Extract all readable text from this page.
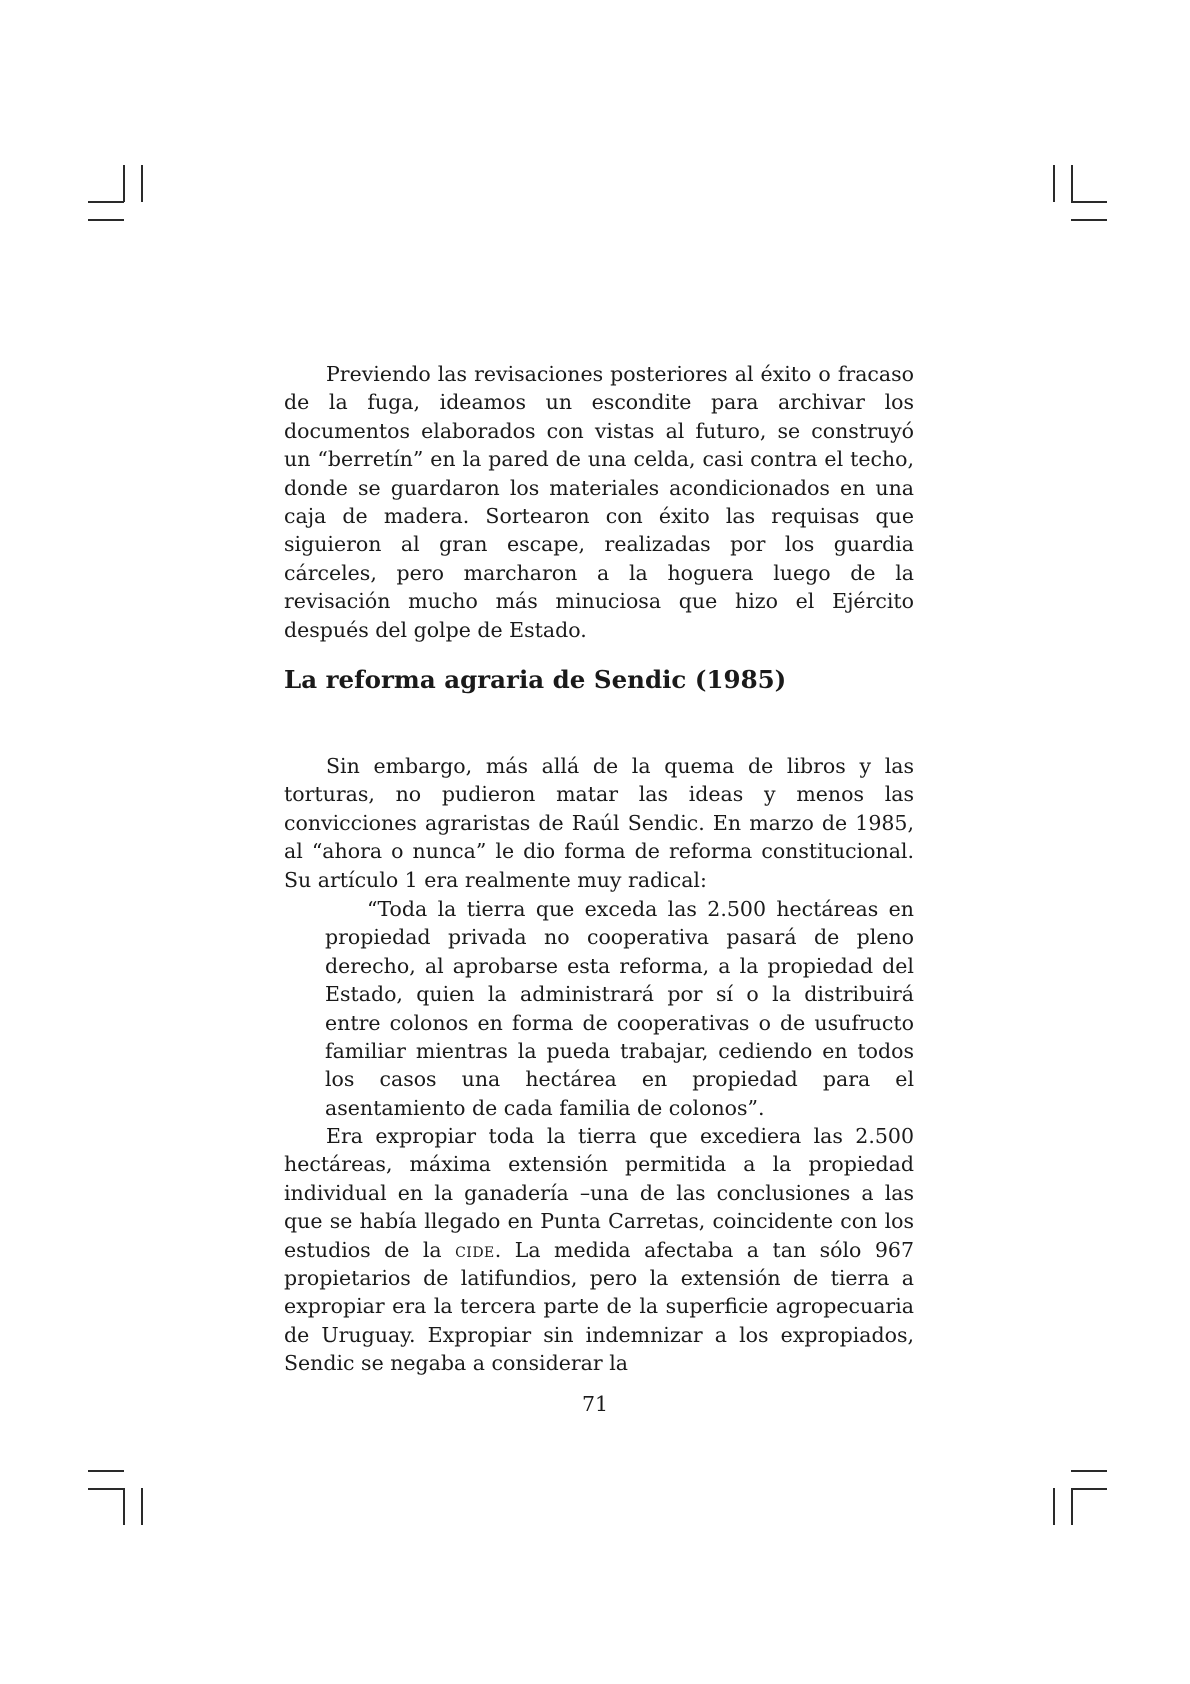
Previendo las revisaciones posteriores al éxito o fracaso de la fuga, ideamos un escondite para archivar los documentos elaborados con vistas al futuro, se construyó un “berretín” en la pared de una celda, casi contra el techo, donde se guardaron los materiales acondicionados en una caja de madera. Sortearon con éxito las requisas que siguieron al gran escape, realizadas por los guardia cárceles, pero marcharon a la hoguera luego de la revisación mucho más minuciosa que hizo el Ejército después del golpe de Estado.

La reforma agraria de Sendic (1985)

Sin embargo, más allá de la quema de libros y las torturas, no pudieron matar las ideas y menos las convicciones agraristas de Raúl Sendic. En marzo de 1985, al “ahora o nunca” le dio forma de reforma constitucional. Su artículo 1 era realmente muy radical:

“Toda la tierra que exceda las 2.500 hectáreas en propiedad privada no cooperativa pasará de pleno derecho, al aprobarse esta reforma, a la propiedad del Estado, quien la administrará por sí o la distribuirá entre colonos en forma de cooperativas o de usufructo familiar mientras la pueda trabajar, cediendo en todos los casos una hectárea en propiedad para el asentamiento de cada familia de colonos”.

Era expropiar toda la tierra que excediera las 2.500 hectáreas, máxima extensión permitida a la propiedad individual en la ganadería –una de las conclusiones a las que se había llegado en Punta Carretas, coincidente con los estudios de la cide. La medida afectaba a tan sólo 967 propietarios de latifundios, pero la extensión de tierra a expropiar era la tercera parte de la superficie agropecuaria de Uruguay. Expropiar sin indemnizar a los expropiados, Sendic se negaba a considerar la

71
